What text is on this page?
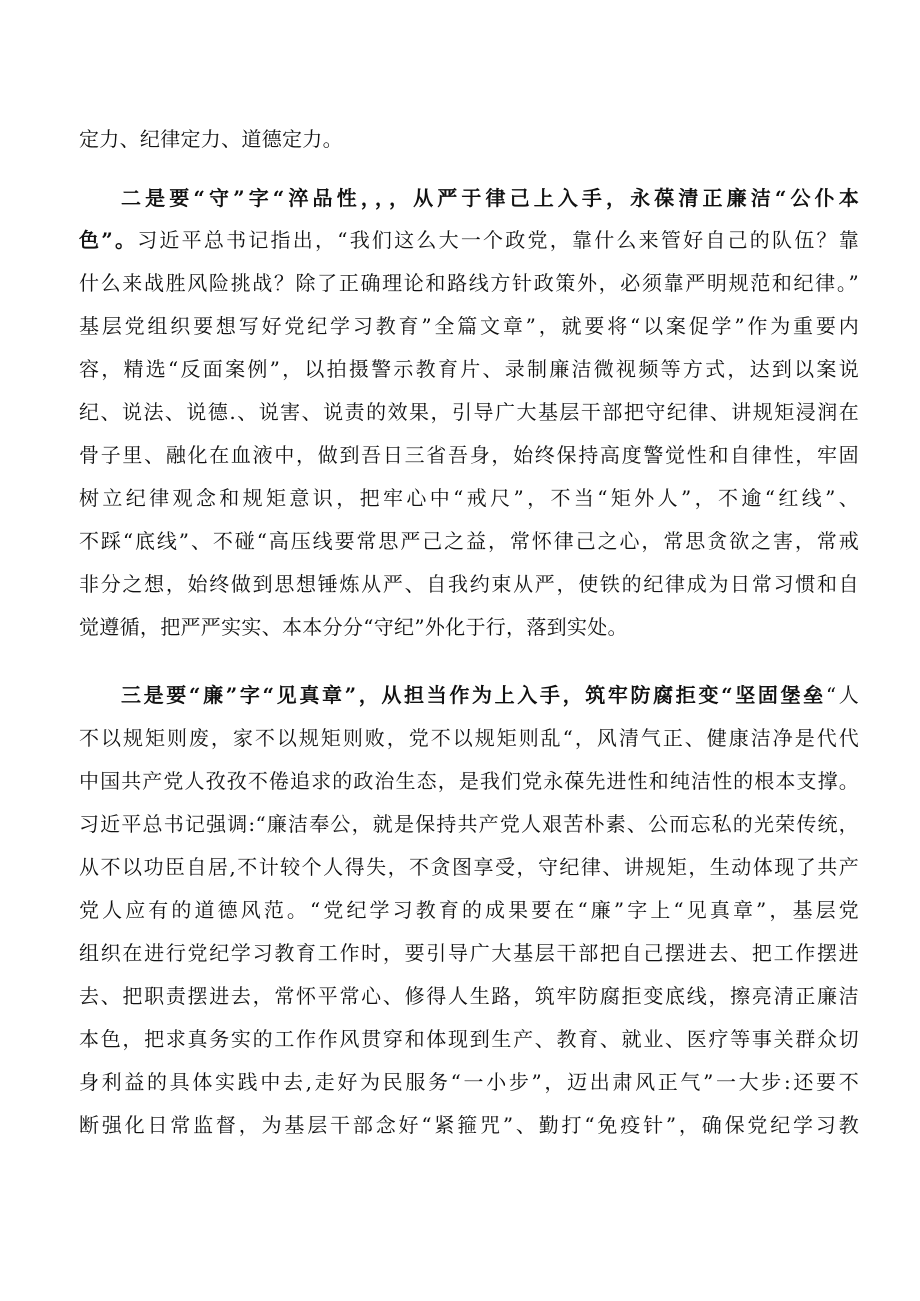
定力、纪律定力、道德定力。
二是要“守”字“淬品性，，，从严于律己上入手，永葆清正廉洁“公仆本
色”。习近平总书记指出，“我们这么大一个政党，靠什么来管好自己的队伍？靠
什么来战胜风险挑战？除了正确理论和路线方针政策外，必须靠严明规范和纪律。”
基层党组织要想写好党纪学习教育”全篇文章”，就要将“以案促学”作为重要内
容，精选“反面案例”，以拍摄警示教育片、录制廉洁微视频等方式，达到以案说
纪、说法、说德.、说害、说责的效果，引导广大基层干部把守纪律、讲规矩浸润在
骨子里、融化在血液中，做到吾日三省吾身，始终保持高度警觉性和自律性，牢固
树立纪律观念和规矩意识，把牢心中“戒尺”，不当“矩外人”，不逾“红线”、
不踩“底线”、不碰“高压线要常思严己之益，常怀律己之心，常思贪欲之害，常戒
非分之想，始终做到思想锤炼从严、自我约束从严，使铁的纪律成为日常习惯和自
觉遵循，把严严实实、本本分分“守纪”外化于行，落到实处。
三是要“廉”字“见真章”，从担当作为上入手，筑牢防腐拒变“坚固堡垒“人
不以规矩则废，家不以规矩则败，党不以规矩则乱“，风清气正、健康洁净是代代
中国共产党人孜孜不倦追求的政治生态，是我们党永葆先进性和纯洁性的根本支撑。
习近平总书记强调:“廉洁奉公，就是保持共产党人艰苦朴素、公而忘私的光荣传统，
从不以功臣自居,不计较个人得失，不贪图享受，守纪律、讲规矩，生动体现了共产
党人应有的道德风范。“党纪学习教育的成果要在“廉”字上“见真章”，基层党
组织在进行党纪学习教育工作时，要引导广大基层干部把自己摆进去、把工作摆进
去、把职责摆进去，常怀平常心、修得人生路，筑牢防腐拒变底线，擦亮清正廉洁
本色，把求真务实的工作作风贯穿和体现到生产、教育、就业、医疗等事关群众切
身利益的具体实践中去,走好为民服务“一小步”，迈出肃风正气”一大步:还要不
断强化日常监督，为基层干部念好“紧箍咒”、勤打“免疫针”，确保党纪学习教
